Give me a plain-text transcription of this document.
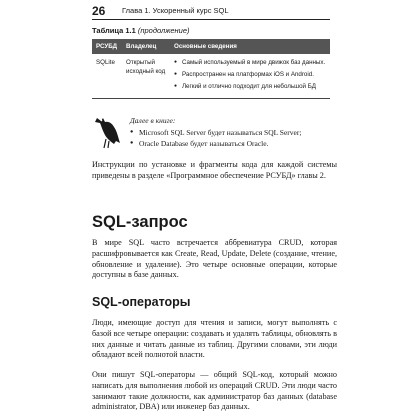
26	Глава 1. Ускоренный курс SQL
Таблица 1.1 (продолжение)
РСУБД	Владелец	Основные сведения
SQLite	Открытый исходный код	● Самый используемый в мире движок баз данных.
● Распространен на платформах iOS и Android.
● Легкий и отлично подходит для небольшой БД
Далее в книге:
● Microsoft SQL Server будет называться SQL Server;
● Oracle Database будет называться Oracle.

Инструкции по установке и фрагменты кода для каждой системы приведены в разделе «Программное обеспечение РСУБД» главы 2.

SQL-запрос

В мире SQL часто встречается аббревиатура CRUD, которая расшифровывается как Create, Read, Update, Delete (создание, чтение, обновление и удаление). Это четыре основные операции, которые доступны в базе данных.

SQL-операторы

Люди, имеющие доступ для чтения и записи, могут выполнять с базой все четыре операции: создавать и удалять таблицы, обновлять в них данные и читать данные из таблиц. Другими словами, эти люди обладают всей полнотой власти.

Они пишут SQL-операторы — общий SQL-код, который можно написать для выполнения любой из операций CRUD. Эти люди часто занимают такие должности, как администратор баз данных (database administrator, DBA) или инженер баз данных.
